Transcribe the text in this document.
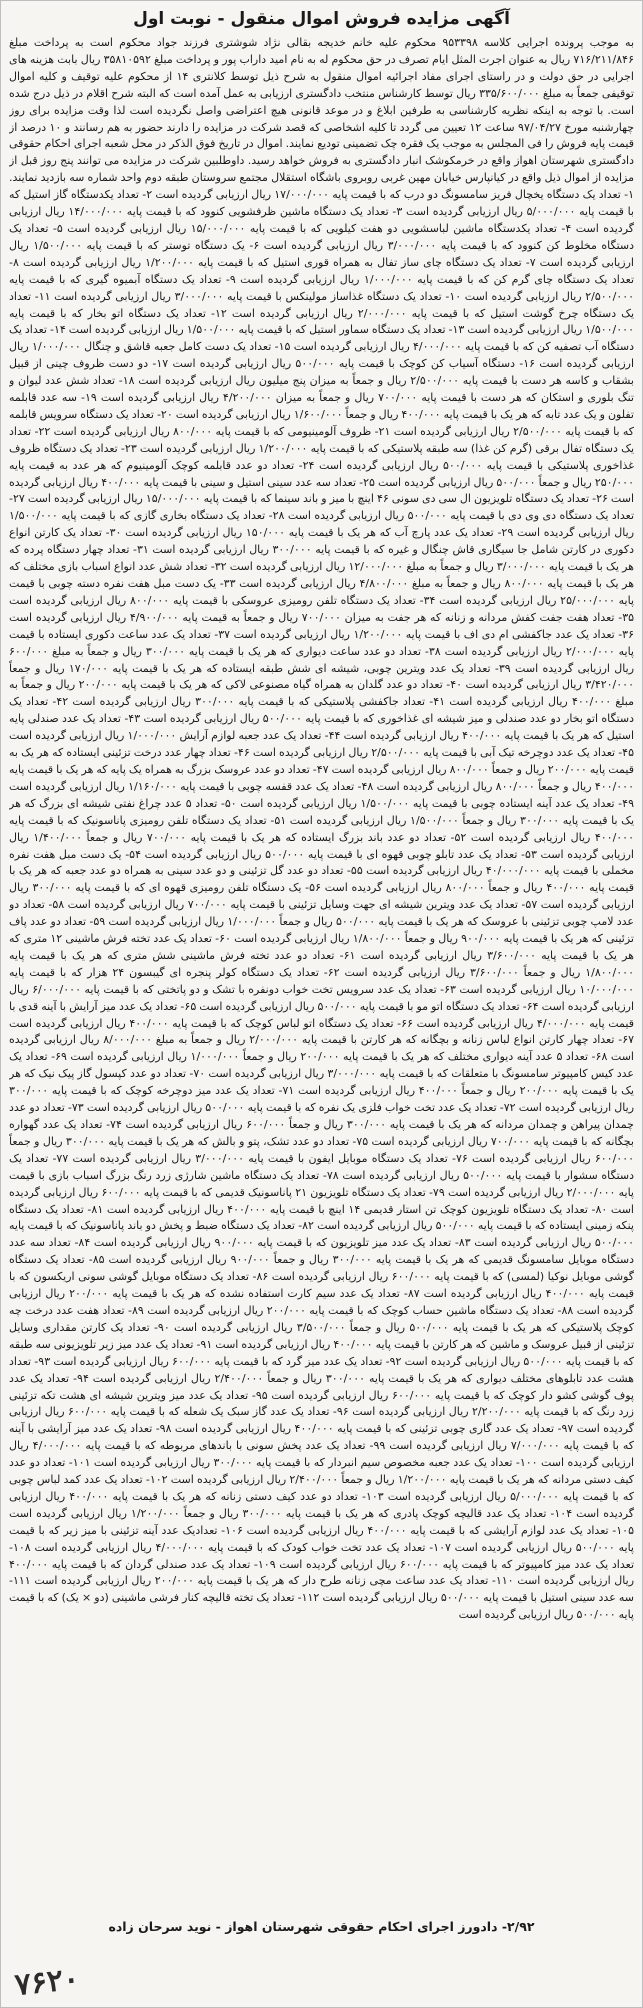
آگهی مزایده فروش اموال منقول - نوبت اول

به موجب پرونده اجرایی کلاسه ۹۵۳۳۹۸ محکوم علیه خانم خدیجه بقالی نژاد شوشتری فرزند جواد محکوم است به پرداخت مبلغ ۷۱۶/۲۱۱/۸۴۶ ریال به عنوان اجرت المثل ایام تصرف در حق محکوم له به نام امید داراب پور و پرداخت مبلغ ۳۵۸۱۰۵۹۲ ریال بابت هزینه های اجرایی در حق دولت و در راستای اجرای مفاد اجرائیه اموال منقول به شرح ذیل توسط کلانتری ۱۴ از محکوم علیه توقیف و کلیه اموال توقیفی جمعاً به مبلغ ۳۳۵/۶۰۰/۰۰۰ ریال توسط کارشناس منتخب دادگستری ارزیابی به عمل آمده است که البته شرح اقلام در ذیل درج شده است. با توجه به اینکه نظریه کارشناسی به طرفین ابلاغ و در موعد قانونی هیچ اعتراضی واصل نگردیده است لذا وقت مزایده برای روز چهارشنبه مورخ ۹۷/۰۴/۲۷ ساعت ۱۲ تعیین می گردد تا کلیه اشخاصی که قصد شرکت در مزایده را دارند حضور به هم رسانند و ۱۰ درصد از قیمت پایه فروش را فی المجلس به موجب یک فقره چک تضمینی تودیع نمایند. اموال در تاریخ فوق الذکر در محل شعبه اجرای احکام حقوقی دادگستری شهرستان اهواز واقع در خرمکوشک انبار دادگستری به فروش خواهد رسید. داوطلبین شرکت در مزایده می توانند پنج روز قبل از مزایده از اموال ذیل واقع در کیانپارس خیابان مهین غربی روبروی باشگاه استقلال مجتمع سروستان طبقه دوم واحد شماره سه بازدید نمایند. ۱- تعداد یک دستگاه یخچال فریز سامسونگ دو درب که با قیمت پایه ۱۷/۰۰۰/۰۰۰ ریال ارزیابی گردیده است ۲- تعداد یکدستگاه گاز استیل که با قیمت پایه ۵/۰۰۰/۰۰۰ ریال ارزیابی گردیده است ۳- تعداد یک دستگاه ماشین ظرفشویی کنوود که با قیمت پایه ۱۴/۰۰۰/۰۰۰ ریال ارزیابی گردیده است ۴- تعداد یکدستگاه ماشین لباسشویی دو هفت کیلویی که با قیمت پایه ۱۵/۰۰۰/۰۰۰ ریال ارزیابی گردیده است ۵- تعداد یک دستگاه مخلوط کن کنوود که با قیمت پایه ۳/۰۰۰/۰۰۰ ریال ارزیابی گردیده است ۶- یک دستگاه توستر که با قیمت پایه ۱/۵۰۰/۰۰۰ ریال ارزیابی گردیده است ۷- تعداد یک دستگاه چای ساز تفال به همراه قوری استیل که با قیمت پایه ۱/۲۰۰/۰۰۰ ریال ارزیابی گردیده است ۸- تعداد یک دستگاه چای گرم کن که با قیمت پایه ۱/۰۰۰/۰۰۰ ریال ارزیابی گردیده است ۹- تعداد یک دستگاه آبمیوه گیری که با قیمت پایه ۲/۵۰۰/۰۰۰ ریال ارزیابی گردیده است ۱۰- تعداد یک دستگاه غذاساز مولینکس با قیمت پایه ۳/۰۰۰/۰۰۰ ریال ارزیابی گردیده است ۱۱- تعداد یک دستگاه چرخ گوشت استیل که با قیمت پایه ۲/۰۰۰/۰۰۰ ریال ارزیابی گردیده است ۱۲- تعداد یک دستگاه اتو بخار که با قیمت پایه ۱/۵۰۰/۰۰۰ ریال ارزیابی گردیده است ۱۳- تعداد یک دستگاه سماور استیل که با قیمت پایه ۱/۵۰۰/۰۰۰ ریال ارزیابی گردیده است ۱۴- تعداد یک دستگاه آب تصفیه کن که با قیمت پایه ۴/۰۰۰/۰۰۰ ریال ارزیابی گردیده است ۱۵- تعداد یک دست کامل جعبه قاشق و چنگال ۱/۰۰۰/۰۰۰ ریال ارزیابی گردیده است ۱۶- دستگاه آسیاب کن کوچک با قیمت پایه ۵۰۰/۰۰۰ ریال ارزیابی گردیده است ۱۷- دو دست ظروف چینی از قبیل بشقاب و کاسه هر دست با قیمت پایه ۲/۵۰۰/۰۰۰ ریال و جمعاً به میزان پنج میلیون ریال ارزیابی گردیده است ۱۸- تعداد شش عدد لیوان و تنگ بلوری و استکان که هر دست با قیمت پایه ۷۰۰/۰۰۰ ریال و جمعاً به میزان ۴/۲۰۰/۰۰۰ ریال ارزیابی گردیده است ۱۹- سه عدد قابلمه تفلون و یک عدد تابه که هر یک با قیمت پایه ۴۰۰/۰۰۰ ریال و جمعاً ۱/۶۰۰/۰۰۰ ریال ارزیابی گردیده است ۲۰- تعداد یک دستگاه سرویس قابلمه که با قیمت پایه ۲/۵۰۰/۰۰۰ ریال ارزیابی گردیده است ۲۱- ظروف آلومینیومی که با قیمت پایه ۸۰۰/۰۰۰ ریال ارزیابی گردیده است ۲۲- تعداد یک دستگاه تفال برقی (گرم کن غذا) سه طبقه پلاستیکی که با قیمت پایه ۱/۲۰۰/۰۰۰ ریال ارزیابی گردیده است ۲۳- تعداد یک دستگاه ظروف غذاخوری پلاستیکی با قیمت پایه ۵۰۰/۰۰۰ ریال ارزیابی گردیده است ۲۴- تعداد دو عدد قابلمه کوچک آلومینیوم که هر عدد به قیمت پایه ۲۵۰/۰۰۰ ریال و جمعاً ۵۰۰/۰۰۰ ریال ارزیابی گردیده است ۲۵- تعداد سه عدد سینی استیل و سینی با قیمت پایه ۴۰۰/۰۰۰ ریال ارزیابی گردیده است ۲۶- تعداد یک دستگاه تلویزیون ال سی دی سونی ۴۶ اینچ با میز و باند سینما که با قیمت پایه ۱۵/۰۰۰/۰۰۰ ریال ارزیابی گردیده است ۲۷- تعداد یک دستگاه دی وی دی با قیمت پایه ۵۰۰/۰۰۰ ریال ارزیابی گردیده است ۲۸- تعداد یک دستگاه بخاری گازی که با قیمت پایه ۱/۵۰۰/۰۰۰ ریال ارزیابی گردیده است ۲۹- تعداد یک عدد پارچ آب که هر یک با قیمت پایه ۱۵۰/۰۰۰ ریال ارزیابی گردیده است ۳۰- تعداد یک کارتن انواع دکوری در کارتن شامل جا سیگاری قاش چنگال و غیره که با قیمت پایه ۳۰۰/۰۰۰ ریال ارزیابی گردیده است ۳۱- تعداد چهار دستگاه پرده که هر یک با قیمت پایه ۳/۰۰۰/۰۰۰ ریال و جمعاً به مبلغ ۱۲/۰۰۰/۰۰۰ ریال ارزیابی گردیده است ۳۲- تعداد شش عدد انواع اسباب بازی مختلف که هر یک با قیمت پایه ۸۰۰/۰۰۰ ریال و جمعاً به مبلغ ۴/۸۰۰/۰۰۰ ریال ارزیابی گردیده است ۳۳- یک دست مبل هفت نفره دسته چوبی با قیمت پایه ۲۵/۰۰۰/۰۰۰ ریال ارزیابی گردیده است ۳۴- تعداد یک دستگاه تلفن رومیزی عروسکی با قیمت پایه ۸۰۰/۰۰۰ ریال ارزیابی گردیده است ۳۵- تعداد هفت جفت کفش مردانه و زنانه که هر جفت به میزان ۷۰۰/۰۰۰ ریال و جمعاً به قیمت پایه ۴/۹۰۰/۰۰۰ ریال ارزیابی گردیده است ۳۶- تعداد یک عدد جاکفشی ام دی اف با قیمت پایه ۱/۲۰۰/۰۰۰ ریال ارزیابی گردیده است ۳۷- تعداد یک عدد ساعت دکوری ایستاده با قیمت پایه ۲/۰۰۰/۰۰۰ ریال ارزیابی گردیده است ۳۸- تعداد دو عدد ساعت دیواری که هر یک با قیمت پایه ۳۰۰/۰۰۰ ریال و جمعاً به مبلغ ۶۰۰/۰۰۰ ریال ارزیابی گردیده است ۳۹- تعداد یک عدد ویترین چوبی، شیشه ای شش طبقه ایستاده که هر یک با قیمت پایه ۱۷۰/۰۰۰ ریال و جمعاً ۳/۴۲۰/۰۰۰ ریال ارزیابی گردیده است ۴۰- تعداد دو عدد گلدان به همراه گیاه مصنوعی لاکی که هر یک با قیمت پایه ۲۰۰/۰۰۰ ریال و جمعاً به مبلغ ۴۰۰/۰۰۰ ریال ارزیابی گردیده است ۴۱- تعداد جاکفشی پلاستیکی که با قیمت پایه ۳۰۰/۰۰۰ ریال ارزیابی گردیده است ۴۲- تعداد یک دستگاه اتو بخار دو عدد صندلی و میز شیشه ای غذاخوری که با قیمت پایه ۵۰۰/۰۰۰ ریال ارزیابی گردیده است ۴۳- تعداد یک عدد صندلی پایه استیل که هر یک با قیمت پایه ۴۰۰/۰۰۰ ریال ارزیابی گردیده است ۴۴- تعداد یک عدد جعبه لوازم آرایش ۱/۰۰۰/۰۰۰ ریال ارزیابی گردیده است ۴۵- تعداد یک عدد دوچرخه تیک آبی با قیمت پایه ۲/۵۰۰/۰۰۰ ریال ارزیابی گردیده است ۴۶- تعداد چهار عدد درخت تزئینی ایستاده که هر یک به قیمت پایه ۲۰۰/۰۰۰ ریال و جمعاً ۸۰۰/۰۰۰ ریال ارزیابی گردیده است ۴۷- تعداد دو عدد عروسک بزرگ به همراه یک پایه که هر یک با قیمت پایه ۴۰۰/۰۰۰ ریال و جمعاً ۸۰۰/۰۰۰ ریال ارزیابی گردیده است ۴۸- تعداد یک عدد قفسه چوبی با قیمت پایه ۱/۱۶۰/۰۰۰ ریال ارزیابی گردیده است ۴۹- تعداد یک عدد آینه ایستاده چوبی با قیمت پایه ۱/۵۰۰/۰۰۰ ریال ارزیابی گردیده است ۵۰- تعداد ۵ عدد چراغ نفتی شیشه ای بزرگ که هر یک با قیمت پایه ۳۰۰/۰۰۰ ریال و جمعاً ۱/۵۰۰/۰۰۰ ریال ارزیابی گردیده است ۵۱- تعداد یک دستگاه تلفن رومیزی پاناسونیک که با قیمت پایه ۴۰۰/۰۰۰ ریال ارزیابی گردیده است ۵۲- تعداد دو عدد باند بزرگ ایستاده که هر یک با قیمت پایه ۷۰۰/۰۰۰ ریال و جمعاً ۱/۴۰۰/۰۰۰ ریال ارزیابی گردیده است ۵۳- تعداد یک عدد تابلو چوبی قهوه ای با قیمت پایه ۵۰۰/۰۰۰ ریال ارزیابی گردیده است ۵۴- یک دست مبل هفت نفره مخملی با قیمت پایه ۴۰/۰۰۰/۰۰۰ ریال ارزیابی گردیده است ۵۵- تعداد دو عدد گل تزئینی و دو عدد سینی به همراه دو عدد جعبه که هر یک با قیمت پایه ۴۰۰/۰۰۰ ریال و جمعاً ۸۰۰/۰۰۰ ریال ارزیابی گردیده است ۵۶- یک دستگاه تلفن رومیزی قهوه ای که با قیمت پایه ۳۰۰/۰۰۰ ریال ارزیابی گردیده است ۵۷- تعداد یک عدد ویترین شیشه ای جهت وسایل تزئینی با قیمت پایه ۷۰۰/۰۰۰ ریال ارزیابی گردیده است ۵۸- تعداد دو عدد لامپ چوبی تزئینی با عروسک که هر یک با قیمت پایه ۵۰۰/۰۰۰ ریال و جمعاً ۱/۰۰۰/۰۰۰ ریال ارزیابی گردیده است ۵۹- تعداد دو عدد پاف تزئینی که هر یک با قیمت پایه ۹۰۰/۰۰۰ ریال و جمعاً ۱/۸۰۰/۰۰۰ ریال ارزیابی گردیده است ۶۰- تعداد یک عدد تخته فرش ماشینی ۱۲ متری که هر یک با قیمت پایه ۳/۶۰۰/۰۰۰ ریال ارزیابی گردیده است ۶۱- تعداد دو عدد تخته فرش ماشینی شش متری که هر یک با قیمت پایه ۱/۸۰۰/۰۰۰ ریال و جمعاً ۳/۶۰۰/۰۰۰ ریال ارزیابی گردیده است ۶۲- تعداد یک دستگاه کولر پنجره ای گیبسون ۲۴ هزار که با قیمت پایه ۱۰/۰۰۰/۰۰۰ ریال ارزیابی گردیده است ۶۳- تعداد یک عدد سرویس تخت خواب دونفره با تشک و دو پاتختی که با قیمت پایه ۶/۰۰۰/۰۰۰ ریال ارزیابی گردیده است ۶۴- تعداد یک دستگاه اتو مو با قیمت پایه ۵۰۰/۰۰۰ ریال ارزیابی گردیده است ۶۵- تعداد یک عدد میز آرایش با آینه قدی با قیمت پایه ۴/۰۰۰/۰۰۰ ریال ارزیابی گردیده است ۶۶- تعداد یک دستگاه اتو لباس کوچک که با قیمت پایه ۴۰۰/۰۰۰ ریال ارزیابی گردیده است ۶۷- تعداد چهار کارتن انواع لباس زنانه و بچگانه که هر کارتن با قیمت پایه ۲/۰۰۰/۰۰۰ ریال و جمعاً به مبلغ ۸/۰۰۰/۰۰۰ ریال ارزیابی گردیده است ۶۸- تعداد ۵ عدد آینه دیواری مختلف که هر یک با قیمت پایه ۲۰۰/۰۰۰ ریال و جمعاً ۱/۰۰۰/۰۰۰ ریال ارزیابی گردیده است ۶۹- تعداد یک عدد کیس کامپیوتر سامسونگ با متعلقات که با قیمت پایه ۳/۰۰۰/۰۰۰ ریال ارزیابی گردیده است ۷۰- تعداد دو عدد کپسول گاز پیک نیک که هر یک با قیمت پایه ۲۰۰/۰۰۰ ریال و جمعاً ۴۰۰/۰۰۰ ریال ارزیابی گردیده است ۷۱- تعداد یک عدد میز دوچرخه کوچک که با قیمت پایه ۳۰۰/۰۰۰ ریال ارزیابی گردیده است ۷۲- تعداد یک عدد تخت خواب فلزی یک نفره که با قیمت پایه ۵۰۰/۰۰۰ ریال ارزیابی گردیده است ۷۳- تعداد دو عدد چمدان پیراهن و چمدان مردانه که هر یک با قیمت پایه ۳۰۰/۰۰۰ ریال و جمعاً ۶۰۰/۰۰۰ ریال ارزیابی گردیده است ۷۴- تعداد یک عدد گهواره بچگانه که با قیمت پایه ۷۰۰/۰۰۰ ریال ارزیابی گردیده است ۷۵- تعداد دو عدد تشک، پتو و بالش که هر یک با قیمت پایه ۳۰۰/۰۰۰ ریال و جمعاً ۶۰۰/۰۰۰ ریال ارزیابی گردیده است ۷۶- تعداد یک دستگاه موبایل ایفون با قیمت پایه ۳/۰۰۰/۰۰۰ ریال ارزیابی گردیده است ۷۷- تعداد یک دستگاه سشوار با قیمت پایه ۵۰۰/۰۰۰ ریال ارزیابی گردیده است ۷۸- تعداد یک دستگاه ماشین شارژی زرد رنگ بزرگ اسباب بازی با قیمت پایه ۲/۰۰۰/۰۰۰ ریال ارزیابی گردیده است ۷۹- تعداد یک دستگاه تلویزیون ۲۱ پاناسونیک قدیمی که با قیمت پایه ۶۰۰/۰۰۰ ریال ارزیابی گردیده است ۸۰- تعداد یک دستگاه تلویزیون کوچک تن استار قدیمی ۱۴ اینچ با قیمت پایه ۴۰۰/۰۰۰ ریال ارزیابی گردیده است ۸۱- تعداد یک دستگاه پنکه زمینی ایستاده که با قیمت پایه ۵۰۰/۰۰۰ ریال ارزیابی گردیده است ۸۲- تعداد یک دستگاه ضبط و پخش دو باند پاناسونیک که با قیمت پایه ۵۰۰/۰۰۰ ریال ارزیابی گردیده است ۸۳- تعداد یک عدد میز تلویزیون که با قیمت پایه ۹۰۰/۰۰۰ ریال ارزیابی گردیده است ۸۴- تعداد سه عدد دستگاه موبایل سامسونگ قدیمی که هر یک با قیمت پایه ۳۰۰/۰۰۰ ریال و جمعاً ۹۰۰/۰۰۰ ریال ارزیابی گردیده است ۸۵- تعداد یک دستگاه گوشی موبایل نوکیا (لمسی) که با قیمت پایه ۶۰۰/۰۰۰ ریال ارزیابی گردیده است ۸۶- تعداد یک دستگاه موبایل گوشی سونی اریکسون که با قیمت پایه ۴۰۰/۰۰۰ ریال ارزیابی گردیده است ۸۷- تعداد یک عدد سیم کارت استفاده نشده که هر یک با قیمت پایه ۲۰۰/۰۰۰ ریال ارزیابی گردیده است ۸۸- تعداد یک دستگاه ماشین حساب کوچک که با قیمت پایه ۲۰۰/۰۰۰ ریال ارزیابی گردیده است ۸۹- تعداد هفت عدد درخت چه کوچک پلاستیکی که هر یک با قیمت پایه ۵۰۰/۰۰۰ ریال و جمعاً ۳/۵۰۰/۰۰۰ ریال ارزیابی گردیده است ۹۰- تعداد یک کارتن مقداری وسایل تزئینی از قبیل عروسک و ماشین که هر کارتن با قیمت پایه ۴۰۰/۰۰۰ ریال ارزیابی گردیده است ۹۱- تعداد یک عدد میز زیر تلویزیونی سه طبقه که با قیمت پایه ۵۰۰/۰۰۰ ریال ارزیابی گردیده است ۹۲- تعداد یک عدد میز گرد که با قیمت پایه ۶۰۰/۰۰۰ ریال ارزیابی گردیده است ۹۳- تعداد هشت عدد تابلوهای مختلف دیواری که هر یک با قیمت پایه ۳۰۰/۰۰۰ ریال و جمعاً ۲/۴۰۰/۰۰۰ ریال ارزیابی گردیده است ۹۴- تعداد یک عدد پوف گوشی کشو دار کوچک که با قیمت پایه ۶۰۰/۰۰۰ ریال ارزیابی گردیده است ۹۵- تعداد یک عدد میز ویترین شیشه ای هشت تکه تزئینی زرد رنگ که با قیمت پایه ۲/۲۰۰/۰۰۰ ریال ارزیابی گردیده است ۹۶- تعداد یک عدد گاز سبک یک شعله که با قیمت پایه ۶۰۰/۰۰۰ ریال ارزیابی گردیده است ۹۷- تعداد یک عدد گاری چوبی تزئینی که با قیمت پایه ۴۰۰/۰۰۰ ریال ارزیابی گردیده است ۹۸- تعداد یک عدد میز آرایشی با آینه که با قیمت پایه ۷/۰۰۰/۰۰۰ ریال ارزیابی گردیده است ۹۹- تعداد یک عدد پخش سونی با باندهای مربوطه که با قیمت پایه ۴/۰۰۰/۰۰۰ ریال ارزیابی گردیده است ۱۰۰- تعداد یک عدد جعبه مخصوص سیم انبردار که با قیمت پایه ۳۰۰/۰۰۰ ریال ارزیابی گردیده است ۱۰۱- تعداد دو عدد کیف دستی مردانه که هر یک با قیمت پایه ۱/۲۰۰/۰۰۰ ریال و جمعاً ۲/۴۰۰/۰۰۰ ریال ارزیابی گردیده است ۱۰۲- تعداد یک عدد کمد لباس چوبی که با قیمت پایه ۵/۰۰۰/۰۰۰ ریال ارزیابی گردیده است ۱۰۳- تعداد دو عدد کیف دستی زنانه که هر یک با قیمت پایه ۴۰۰/۰۰۰ ریال ارزیابی گردیده است ۱۰۴- تعداد یک عدد قالیچه کوچک پادری که هر یک با قیمت پایه ۳۰۰/۰۰۰ ریال و جمعاً ۱/۲۰۰/۰۰۰ ریال ارزیابی گردیده است ۱۰۵- تعداد یک عدد لوازم آرایشی که با قیمت پایه ۴۰۰/۰۰۰ ریال ارزیابی گردیده است ۱۰۶- تعدادیک عدد آینه تزئینی با میز زیر که با قیمت پایه ۵۰۰/۰۰۰ ریال ارزیابی گردیده است ۱۰۷- تعداد یک عدد تخت خواب کودک که با قیمت پایه ۴/۰۰۰/۰۰۰ ریال ارزیابی گردیده است ۱۰۸- تعداد یک عدد میز کامپیوتر که با قیمت پایه ۶۰۰/۰۰۰ ریال ارزیابی گردیده است ۱۰۹- تعداد یک عدد صندلی گردان که با قیمت پایه ۴۰۰/۰۰۰ ریال ارزیابی گردیده است ۱۱۰- تعداد یک عدد ساعت مچی زنانه طرح دار که هر یک با قیمت پایه ۲۰۰/۰۰۰ ریال ارزیابی گردیده است ۱۱۱- سه عدد سینی استیل با قیمت پایه ۵۰۰/۰۰۰ ریال ارزیابی گردیده است ۱۱۲- تعداد یک تخته قالیچه کنار فرشی ماشینی (دو × یک) که با قیمت پایه ۵۰۰/۰۰۰ ریال ارزیابی گردیده است

۲/۹۲- دادورز اجرای احکام حقوقی شهرستان اهواز - نوید سرحان زاده
۷۶۲۰
